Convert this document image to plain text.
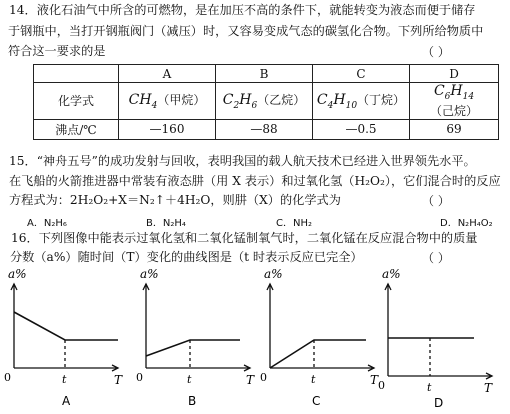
14．液化石油气中所含的可燃物，是在加压不高的条件下，就能转变为液态而便于储存
于钢瓶中，当打开钢瓶阀门（减压）时，又容易变成气态的碳氢化合物。下列所给物质中
符合这一要求的是	（ ）
	A	B	C	D
化学式	$CH_4$（甲烷）	$C_2H_6$（乙烷）	$C_4H_{10}$（丁烷）	$C_6H_{14}$（己烷）
沸点/℃	—160	—88	—0.5	69
15．“神舟五号”的成功发射与回收，表明我国的载人航天技术已经进入世界领先水平。
在飞船的火箭推进器中常装有液态肼（用 X 表示）和过氧化氢（H₂O₂），它们混合时的反应
方程式为：2H₂O₂+X＝N₂↑＋4H₂O，则肼（X）的化学式为	（ ）
A．N₂H₆	B．N₂H₄	C．NH₂	D．N₂H₄O₂
16．下列图像中能表示过氧化氢和二氧化锰制氧气时，二氧化锰在反应混合物中的质量
分数（a%）随时间（T）变化的曲线图是（t 时表示反应已完全）	（ ）
a%
0	t	T
A
a%
0	t	T
B
a%
0	t	T
C
a%
0	t	T
D
